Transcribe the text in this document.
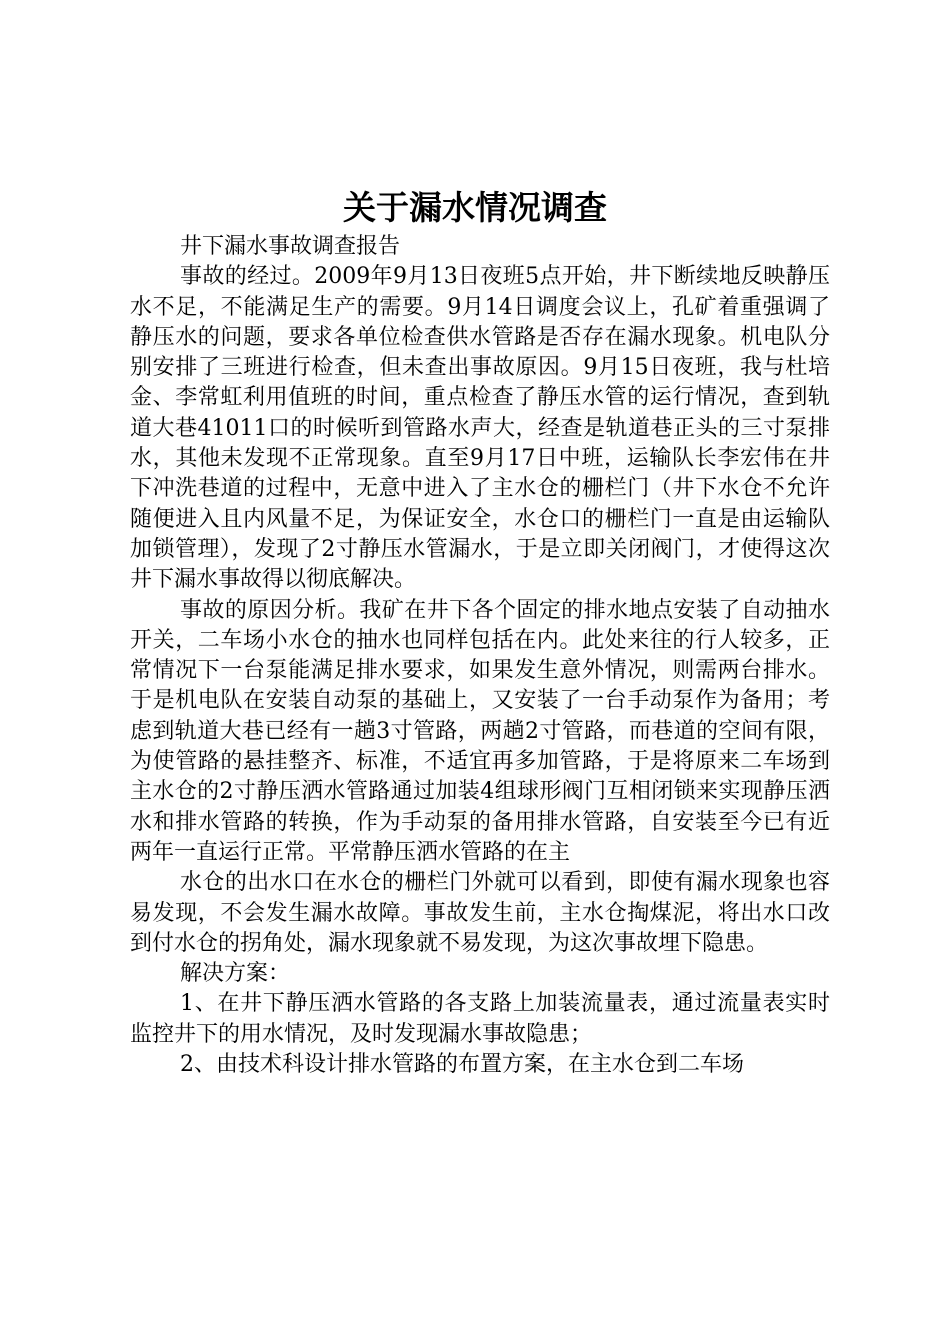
关于漏水情况调查

井下漏水事故调查报告

事故的经过。2009年9月13日夜班5点开始，井下断续地反映静压水不足，不能满足生产的需要。9月14日调度会议上，孔矿着重强调了静压水的问题，要求各单位检查供水管路是否存在漏水现象。机电队分别安排了三班进行检查，但未查出事故原因。9月15日夜班，我与杜培金、李常虹利用值班的时间，重点检查了静压水管的运行情况，查到轨道大巷41011口的时候听到管路水声大，经查是轨道巷正头的三寸泵排水，其他未发现不正常现象。直至9月17日中班，运输队长李宏伟在井下冲洗巷道的过程中，无意中进入了主水仓的栅栏门（井下水仓不允许随便进入且内风量不足，为保证安全，水仓口的栅栏门一直是由运输队加锁管理），发现了2寸静压水管漏水，于是立即关闭阀门，才使得这次井下漏水事故得以彻底解决。

事故的原因分析。我矿在井下各个固定的排水地点安装了自动抽水开关，二车场小水仓的抽水也同样包括在内。此处来往的行人较多，正常情况下一台泵能满足排水要求，如果发生意外情况，则需两台排水。于是机电队在安装自动泵的基础上，又安装了一台手动泵作为备用；考虑到轨道大巷已经有一趟3寸管路，两趟2寸管路，而巷道的空间有限，为使管路的悬挂整齐、标准，不适宜再多加管路，于是将原来二车场到主水仓的2寸静压洒水管路通过加装4组球形阀门互相闭锁来实现静压洒水和排水管路的转换，作为手动泵的备用排水管路，自安装至今已有近两年一直运行正常。平常静压洒水管路的在主

水仓的出水口在水仓的栅栏门外就可以看到，即使有漏水现象也容易发现，不会发生漏水故障。事故发生前，主水仓掏煤泥，将出水口改到付水仓的拐角处，漏水现象就不易发现，为这次事故埋下隐患。

解决方案：

1、在井下静压洒水管路的各支路上加装流量表，通过流量表实时监控井下的用水情况，及时发现漏水事故隐患；

2、由技术科设计排水管路的布置方案，在主水仓到二车场
